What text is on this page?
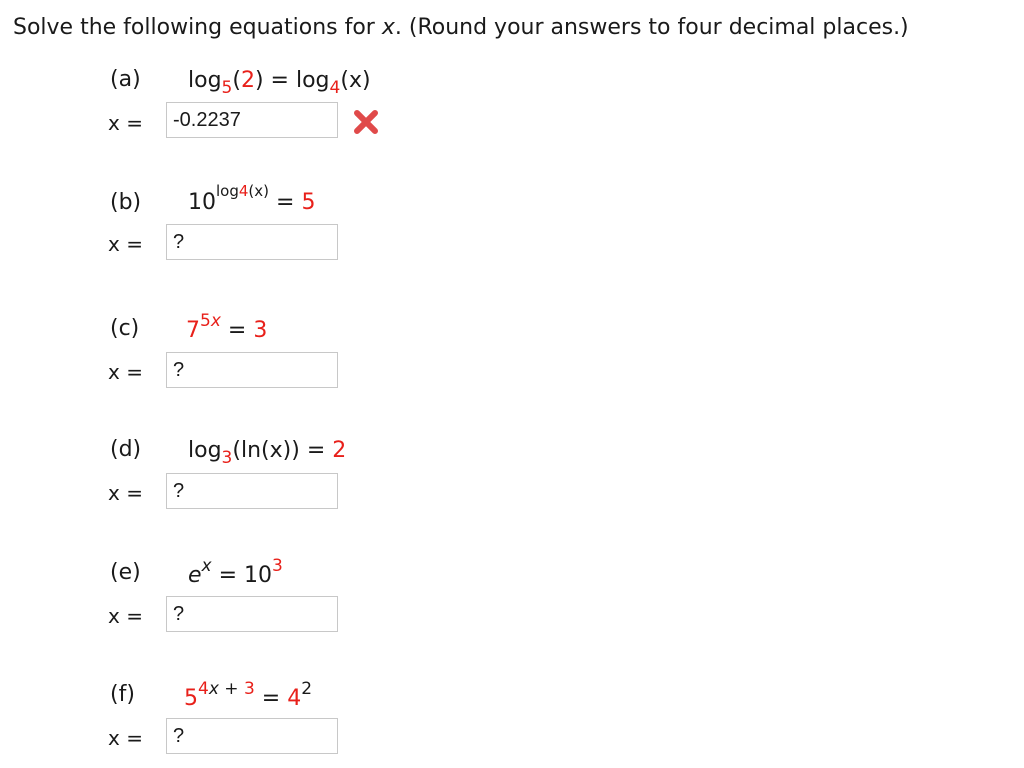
Solve the following equations for x. (Round your answers to four decimal places.)
(a) $\log_5(2) = \log_4(x)$
x =
-0.2237
(b) $10^{log4(x)} = 5$
x =
?
(c) $7^{5x} = 3$
x =
?
(d) $\log_3(\ln(x)) = 2$
x =
?
(e) $e^x = 10^3$
x =
?
(f) $5^{4x + 3} = 4^2$
x =
?
